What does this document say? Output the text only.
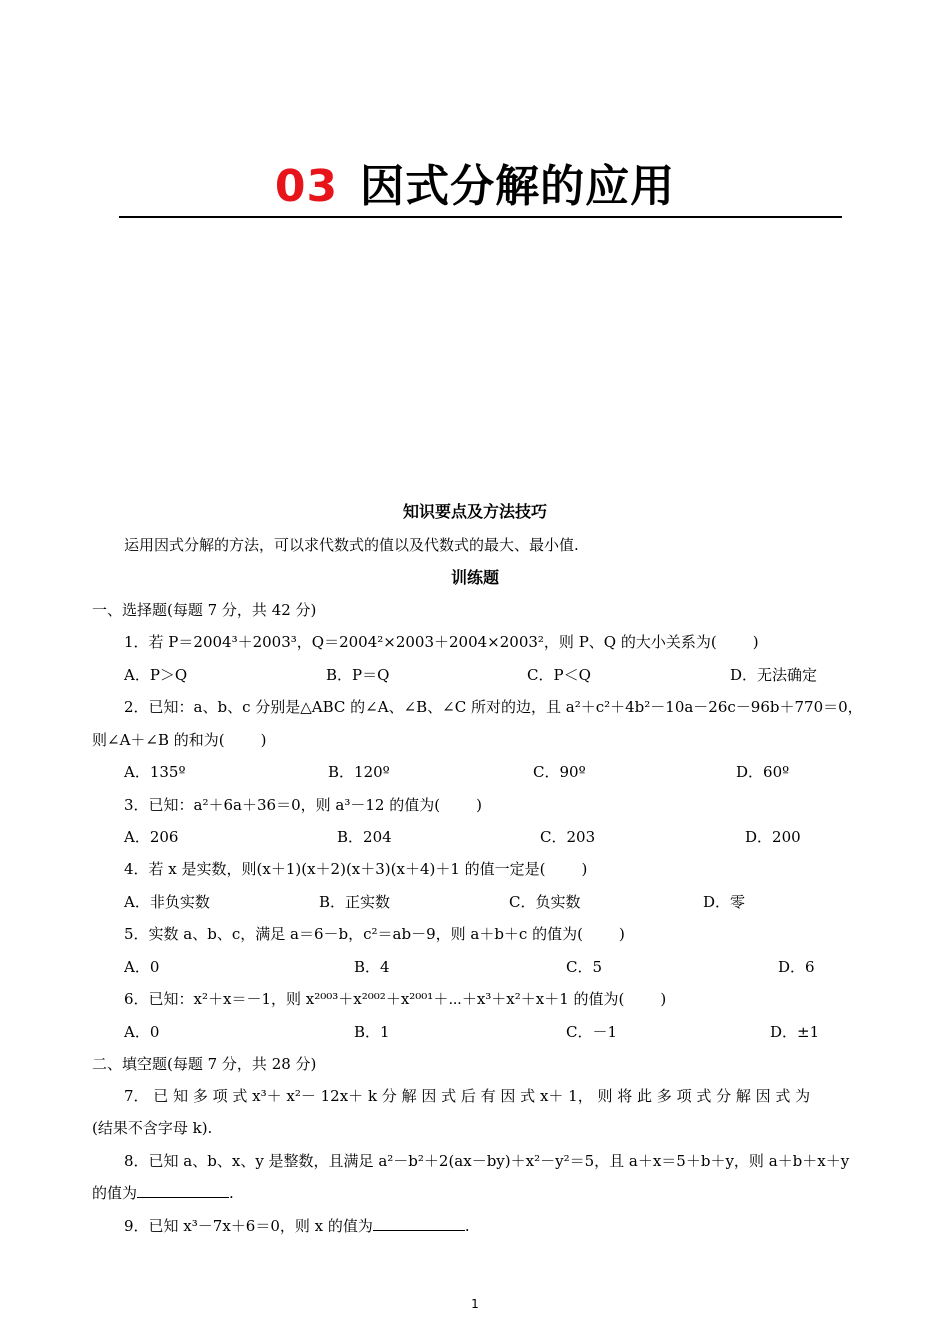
03 因式分解的应用
知识要点及方法技巧
运用因式分解的方法，可以求代数式的值以及代数式的最大、最小值.
训练题
一、选择题(每题 7 分，共 42 分)
1．若 P＝2004³＋2003³，Q＝2004²×2003＋2004×2003²，则 P、Q 的大小关系为( )
A．P＞Q	B．P＝Q	C．P＜Q	D．无法确定
2．已知：a、b、c 分别是△ABC 的∠A、∠B、∠C 所对的边，且 a²＋c²＋4b²－10a－26c－96b＋770＝0，
则∠A＋∠B 的和为( )
A．135º	B．120º	C．90º	D．60º
3．已知：a²＋6a＋36＝0，则 a³－12 的值为( )
A．206	B．204	C．203	D．200
4．若 x 是实数，则(x＋1)(x＋2)(x＋3)(x＋4)＋1 的值一定是( )
A．非负实数	B．正实数	C．负实数	D．零
5．实数 a、b、c，满足 a＝6－b，c²＝ab－9，则 a＋b＋c 的值为( )
A．0	B．4	C．5	D．6
6．已知：x²＋x＝－1，则 x²⁰⁰³＋x²⁰⁰²＋x²⁰⁰¹＋⋯＋x³＋x²＋x＋1 的值为( )
A．0	B．1	C．－1	D．±1
二、填空题(每题 7 分，共 28 分)
7． 已 知 多 项 式 x³＋ x²－ 12x＋ k 分 解 因 式 后 有 因 式 x＋ 1， 则 将 此 多 项 式 分 解 因 式 为
(结果不含字母 k).
8．已知 a、b、x、y 是整数，且满足 a²－b²＋2(ax－by)＋x²－y²＝5，且 a＋x＝5＋b＋y，则 a＋b＋x＋y
的值为	.
9．已知 x³－7x＋6＝0，则 x 的值为	.
1
